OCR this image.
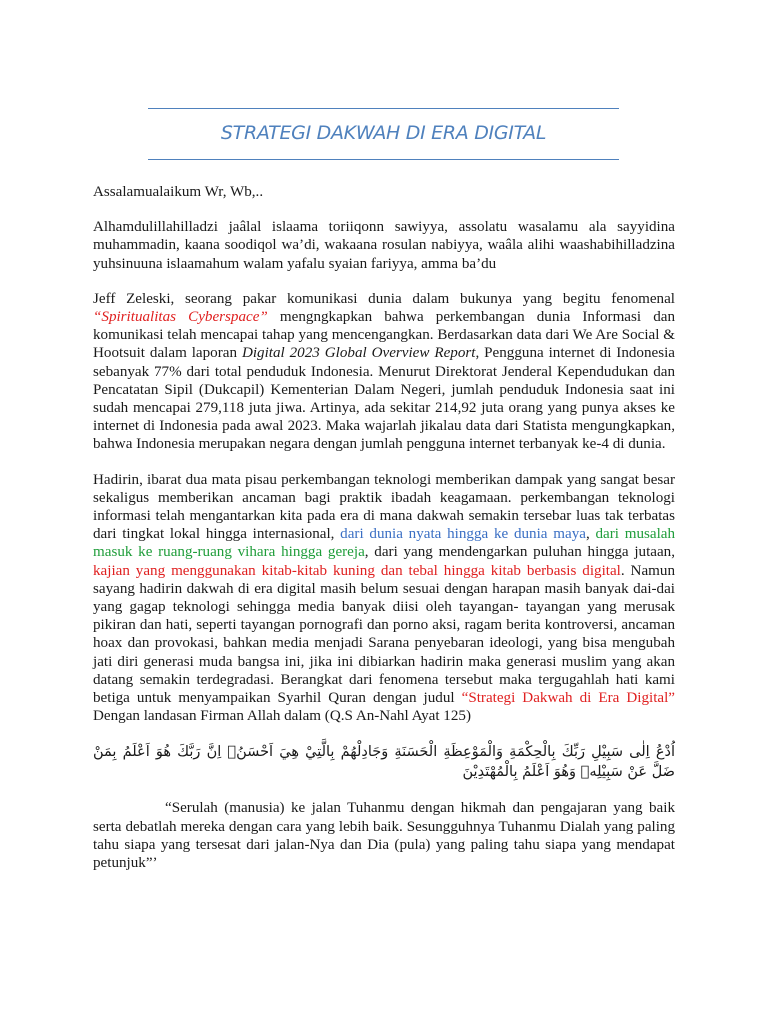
STRATEGI DAKWAH DI ERA DIGITAL

Assalamualaikum Wr, Wb,..

Alhamdulillahilladzi jaâlal islaama toriiqonn sawiyya, assolatu wasalamu ala sayyidina muhammadin, kaana soodiqol wa’di, wakaana rosulan nabiyya, waâla alihi waashabihilladzina yuhsinuuna islaamahum walam yafalu syaian fariyya, amma ba’du

Jeff Zeleski, seorang pakar komunikasi dunia dalam bukunya yang begitu fenomenal “Spiritualitas Cyberspace” mengngkapkan bahwa perkembangan dunia Informasi dan komunikasi telah mencapai tahap yang mencengangkan. Berdasarkan data dari We Are Social & Hootsuit dalam laporan Digital 2023 Global Overview Report, Pengguna internet di Indonesia sebanyak 77% dari total penduduk Indonesia. Menurut Direktorat Jenderal Kependudukan dan Pencatatan Sipil (Dukcapil) Kementerian Dalam Negeri, jumlah penduduk Indonesia saat ini sudah mencapai 279,118 juta jiwa. Artinya, ada sekitar 214,92 juta orang yang punya akses ke internet di Indonesia pada awal 2023. Maka wajarlah jikalau data dari Statista mengungkapkan, bahwa Indonesia merupakan negara dengan jumlah pengguna internet terbanyak ke-4 di dunia.

Hadirin, ibarat dua mata pisau perkembangan teknologi memberikan dampak yang sangat besar sekaligus memberikan ancaman bagi praktik ibadah keagamaan. perkembangan teknologi informasi telah mengantarkan kita pada era di mana dakwah semakin tersebar luas tak terbatas dari tingkat lokal hingga internasional, dari dunia nyata hingga ke dunia maya, dari musalah masuk ke ruang-ruang vihara hingga gereja, dari yang mendengarkan puluhan hingga jutaan, kajian yang menggunakan kitab-kitab kuning dan tebal hingga kitab berbasis digital. Namun sayang hadirin dakwah di era digital masih belum sesuai dengan harapan masih banyak dai-dai yang gagap teknologi sehingga media banyak diisi oleh tayangan- tayangan yang merusak pikiran dan hati, seperti tayangan pornografi dan porno aksi, ragam berita kontroversi, ancaman hoax dan provokasi, bahkan media menjadi Sarana penyebaran ideologi, yang bisa mengubah jati diri generasi muda bangsa ini, jika ini dibiarkan hadirin maka generasi muslim yang akan datang semakin terdegradasi. Berangkat dari fenomena tersebut maka tergugahlah hati kami betiga untuk menyampaikan Syarhil Quran dengan judul “Strategi Dakwah di Era Digital” Dengan landasan Firman Allah dalam (Q.S An-Nahl Ayat 125)

اُدْعُ اِلٰى سَبِيْلِ رَبِّكَ بِالْحِكْمَةِ وَالْمَوْعِظَةِ الْحَسَنَةِ وَجَادِلْهُمْ بِالَّتِيْ هِيَ اَحْسَنُۗ اِنَّ رَبَّكَ هُوَ اَعْلَمُ بِمَنْ ضَلَّ عَنْ سَبِيْلِهٖ وَهُوَ اَعْلَمُ بِالْمُهْتَدِيْنَ

“Serulah (manusia) ke jalan Tuhanmu dengan hikmah dan pengajaran yang baik serta debatlah mereka dengan cara yang lebih baik. Sesungguhnya Tuhanmu Dialah yang paling tahu siapa yang tersesat dari jalan-Nya dan Dia (pula) yang paling tahu siapa yang mendapat petunjuk”’
